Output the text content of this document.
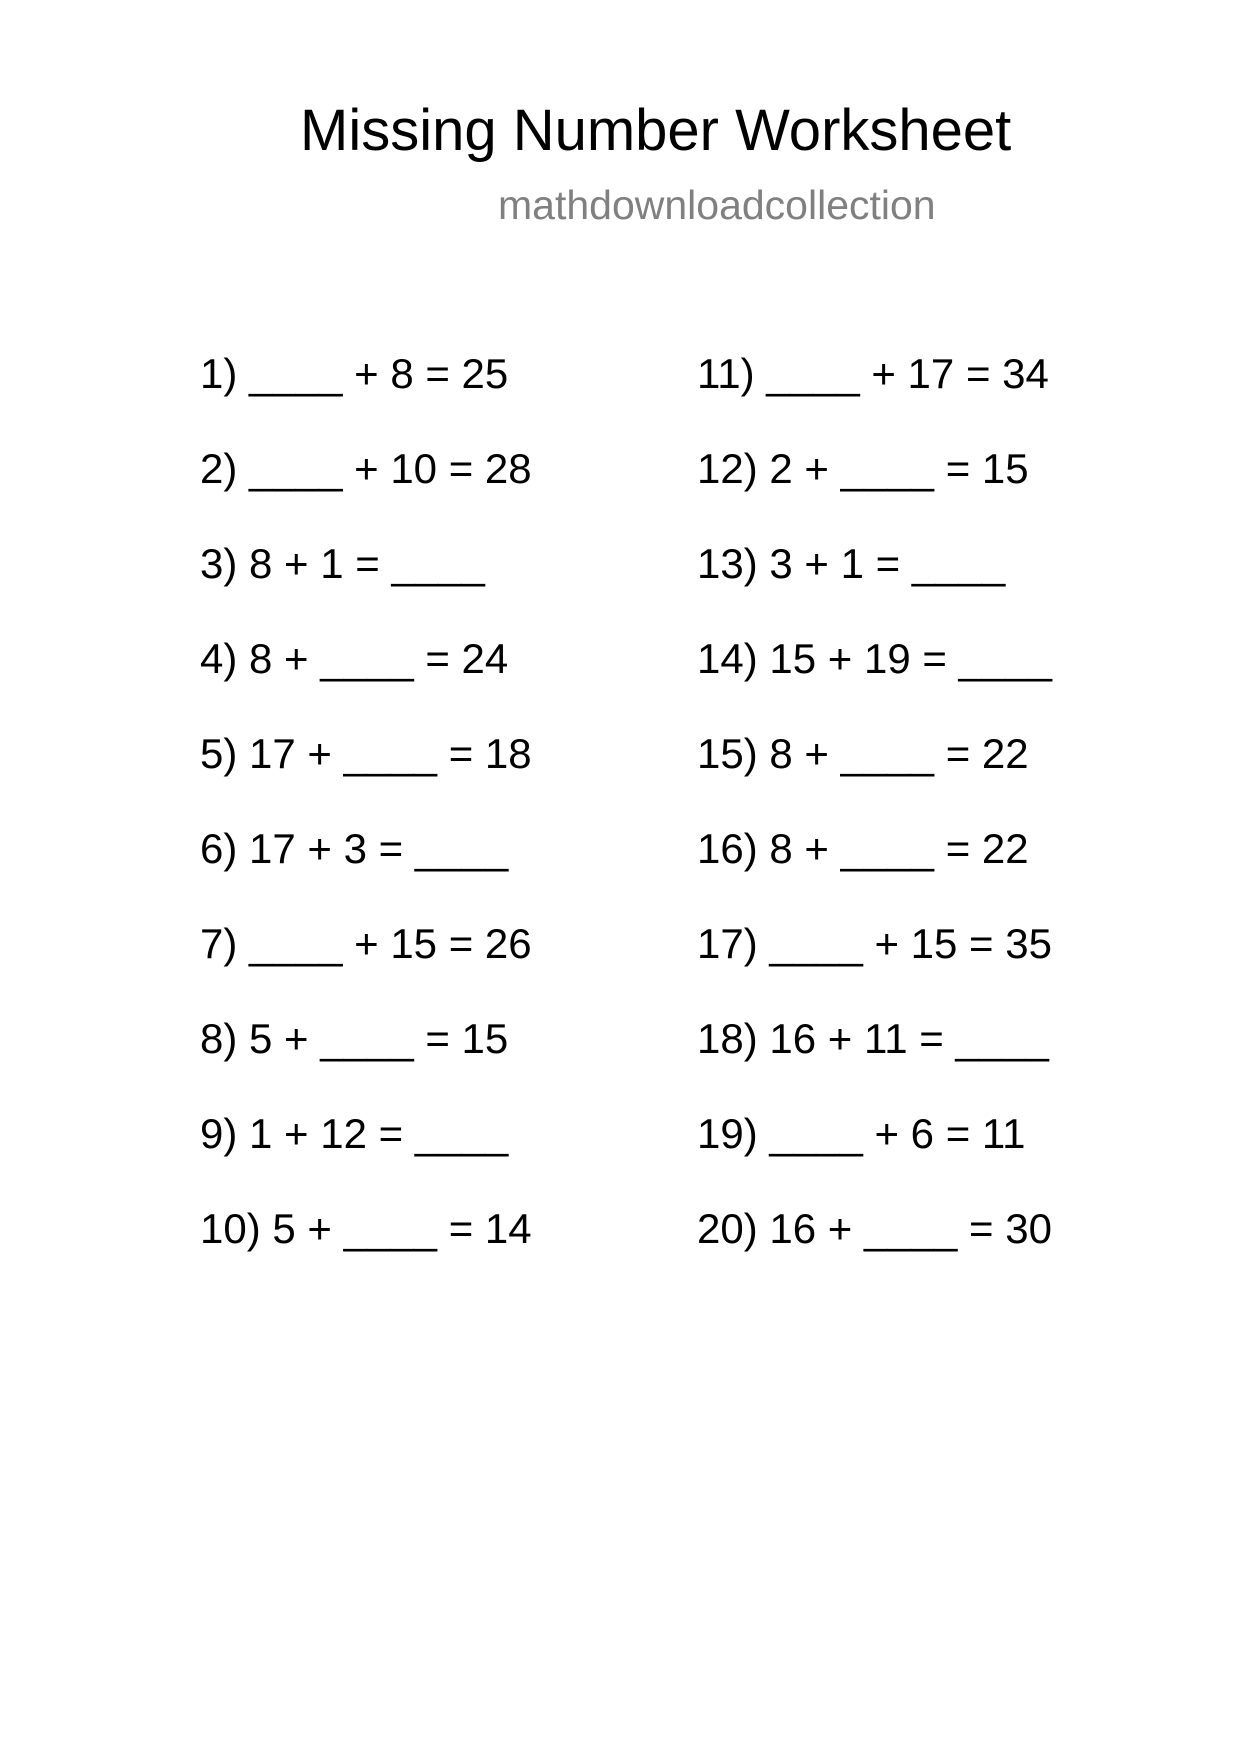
Missing Number Worksheet
mathdownloadcollection
1) ____ + 8 = 25
2) ____ + 10 = 28
3) 8 + 1 = ____
4) 8 + ____ = 24
5) 17 + ____ = 18
6) 17 + 3 = ____
7) ____ + 15 = 26
8) 5 + ____ = 15
9) 1 + 12 = ____
10) 5 + ____ = 14
11) ____ + 17 = 34
12) 2 + ____ = 15
13) 3 + 1 = ____
14) 15 + 19 = ____
15) 8 + ____ = 22
16) 8 + ____ = 22
17) ____ + 15 = 35
18) 16 + 11 = ____
19) ____ + 6 = 11
20) 16 + ____ = 30
